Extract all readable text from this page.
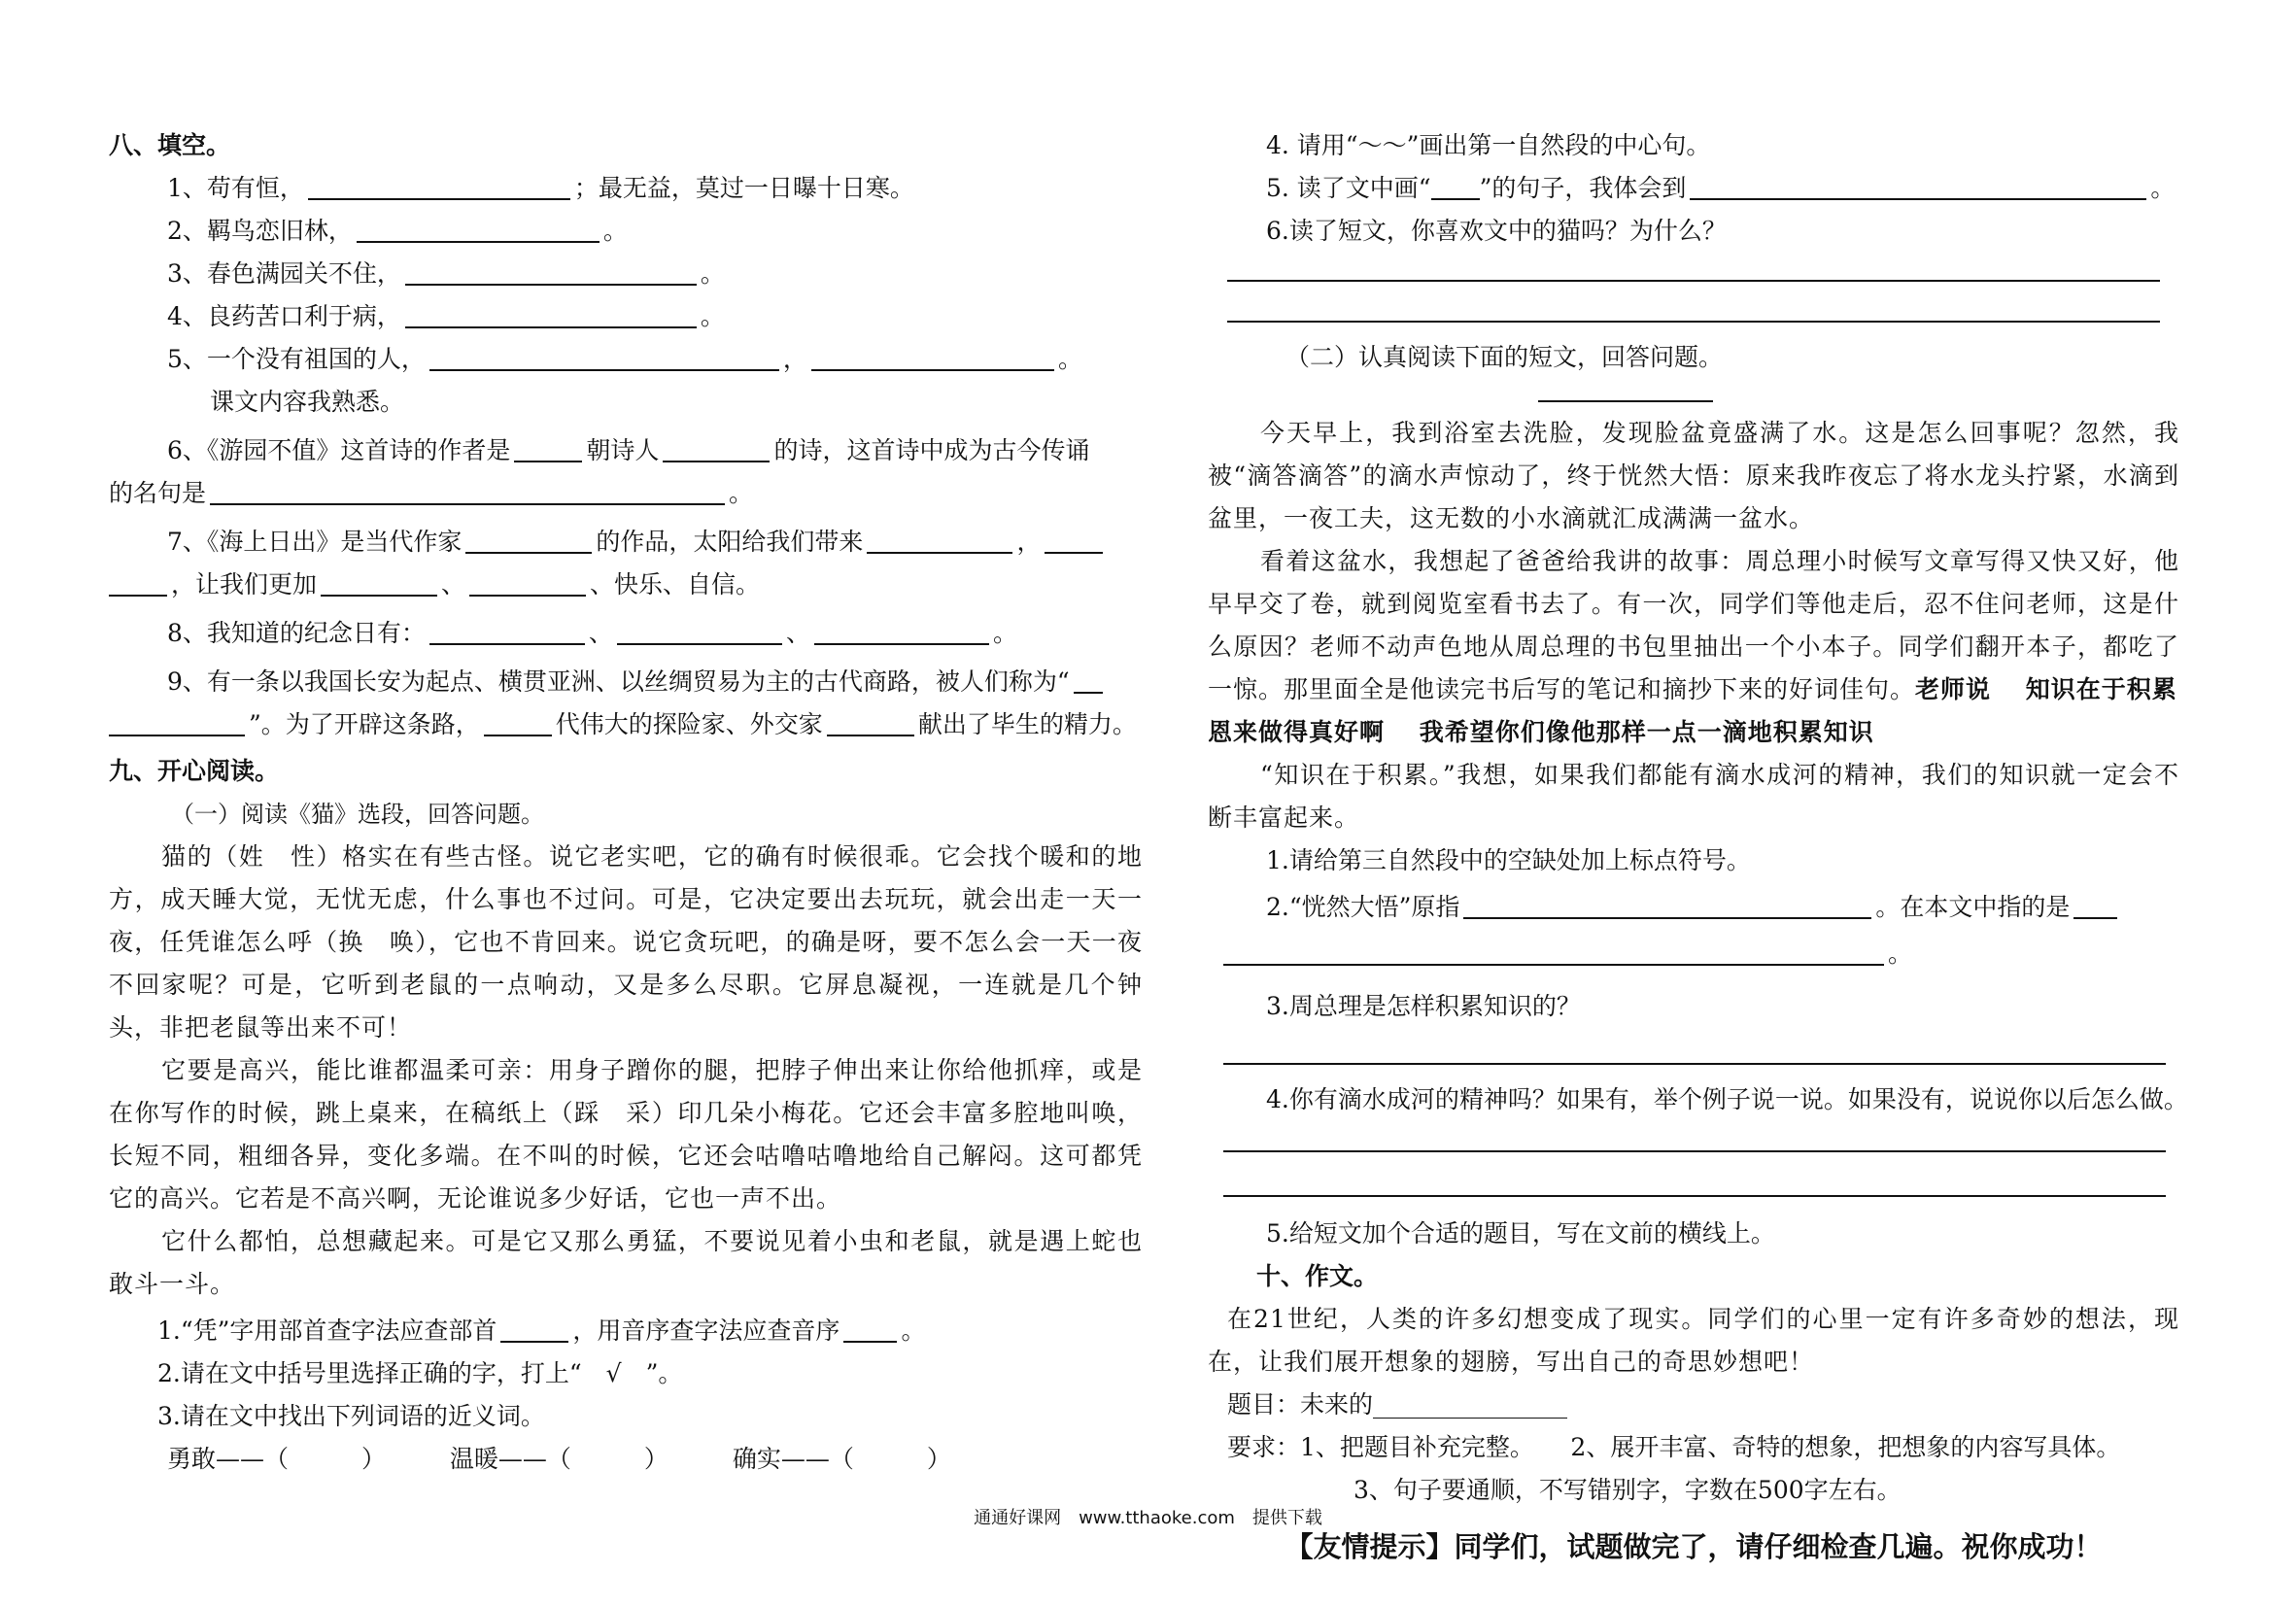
八、填空。
1、苟有恒，	；最无益，莫过一日曝十日寒。
2、羁鸟恋旧林，	。
3、春色满园关不住，	。
4、良药苦口利于病，	。
5、一个没有祖国的人，	，	。
课文内容我熟悉。
6、《游园不值》这首诗的作者是	朝诗人	的诗，这首诗中成为古今传诵
的名句是	。
7、《海上日出》是当代作家	的作品，太阳给我们带来	，
，让我们更加	、	、快乐、自信。
8、我知道的纪念日有：	、	、	。
9、有一条以我国长安为起点、横贯亚洲、以丝绸贸易为主的古代商路，被人们称为“
”。为了开辟这条路，	代伟大的探险家、外交家	献出了毕生的精力。
九、开心阅读。
（一）阅读《猫》选段，回答问题。
猫的（姓　性）格实在有些古怪。说它老实吧，它的确有时候很乖。它会找个暖和的地方，成天睡大觉，无忧无虑，什么事也不过问。可是，它决定要出去玩玩，就会出走一天一夜，任凭谁怎么呼（换　唤），它也不肯回来。说它贪玩吧，的确是呀，要不怎么会一天一夜不回家呢？可是，它听到老鼠的一点响动，又是多么尽职。它屏息凝视，一连就是几个钟头，非把老鼠等出来不可！
它要是高兴，能比谁都温柔可亲：用身子蹭你的腿，把脖子伸出来让你给他抓痒，或是在你写作的时候，跳上桌来，在稿纸上（踩　采）印几朵小梅花。它还会丰富多腔地叫唤，长短不同，粗细各异，变化多端。在不叫的时候，它还会咕噜咕噜地给自己解闷。这可都凭它的高兴。它若是不高兴啊，无论谁说多少好话，它也一声不出。
它什么都怕，总想藏起来。可是它又那么勇猛，不要说见着小虫和老鼠，就是遇上蛇也敢斗一斗。
1.“凭”字用部首查字法应查部首	，用音序查字法应查音序	。
2.请在文中括号里选择正确的字，打上“　√　”。
3.请在文中找出下列词语的近义词。
勇敢——（　　　）	温暖——（　　　）	确实——（　　　）
4. 请用“～～”画出第一自然段的中心句。
5. 读了文中画“ ”的句子，我体会到	。
6.读了短文，你喜欢文中的猫吗？为什么？
（二）认真阅读下面的短文，回答问题。
今天早上，我到浴室去洗脸，发现脸盆竟盛满了水。这是怎么回事呢？忽然，我被“滴答滴答”的滴水声惊动了，终于恍然大悟：原来我昨夜忘了将水龙头拧紧，水滴到盆里，一夜工夫，这无数的小水滴就汇成满满一盆水。
看着这盆水，我想起了爸爸给我讲的故事：周总理小时候写文章写得又快又好，他早早交了卷，就到阅览室看书去了。有一次，同学们等他走后，忍不住问老师，这是什么原因？老师不动声色地从周总理的书包里抽出一个小本子。同学们翻开本子，都吃了一惊。那里面全是他读完书后写的笔记和摘抄下来的好词佳句。老师说　 知识在于积累
恩来做得真好啊　 我希望你们像他那样一点一滴地积累知识
“知识在于积累。”我想，如果我们都能有滴水成河的精神，我们的知识就一定会不断丰富起来。
1.请给第三自然段中的空缺处加上标点符号。
2.“恍然大悟”原指	。在本文中指的是
。
3.周总理是怎样积累知识的？
4.你有滴水成河的精神吗？如果有，举个例子说一说。如果没有，说说你以后怎么做。
5.给短文加个合适的题目，写在文前的横线上。
十、作文。
在21世纪，人类的许多幻想变成了现实。同学们的心里一定有许多奇妙的想法，现在，让我们展开想象的翅膀，写出自己的奇思妙想吧！
题目：未来的________________
要求：1、把题目补充完整。　　2、展开丰富、奇特的想象，把想象的内容写具体。
3、句子要通顺，不写错别字，字数在500字左右。
【友情提示】同学们，试题做完了，请仔细检查几遍。祝你成功！
通通好课网　www.tthaoke.com　提供下载
